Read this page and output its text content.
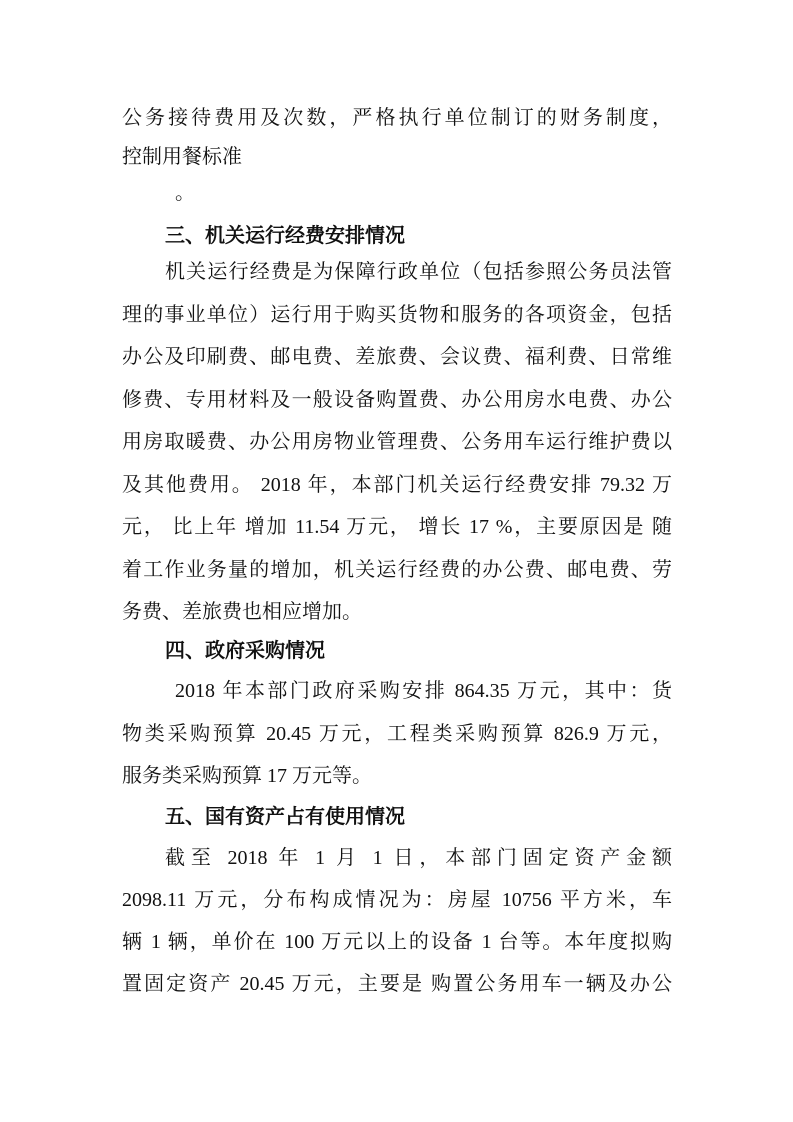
公务接待费用及次数，严格执行单位制订的财务制度，
控制用餐标准
。
三、机关运行经费安排情况
机关运行经费是为保障行政单位（包括参照公务员法管
理的事业单位）运行用于购买货物和服务的各项资金，包括
办公及印刷费、邮电费、差旅费、会议费、福利费、日常维
修费、专用材料及一般设备购置费、办公用房水电费、办公
用房取暖费、办公用房物业管理费、公务用车运行维护费以
及其他费用。 2018 年，本部门机关运行经费安排 79.32 万
元， 比上年 增加 11.54 万元， 增长 17 %，主要原因是 随
着工作业务量的增加，机关运行经费的办公费、邮电费、劳
务费、差旅费也相应增加。
四、政府采购情况
2018 年本部门政府采购安排 864.35 万元，其中：货
物类采购预算 20.45 万元，工程类采购预算 826.9 万元，
服务类采购预算 17 万元等。
五、国有资产占有使用情况
截至 2018 年 1 月 1 日，本部门固定资产金额
2098.11 万元，分布构成情况为：房屋 10756 平方米，车
辆 1 辆，单价在 100 万元以上的设备 1 台等。本年度拟购
置固定资产 20.45 万元，主要是 购置公务用车一辆及办公
